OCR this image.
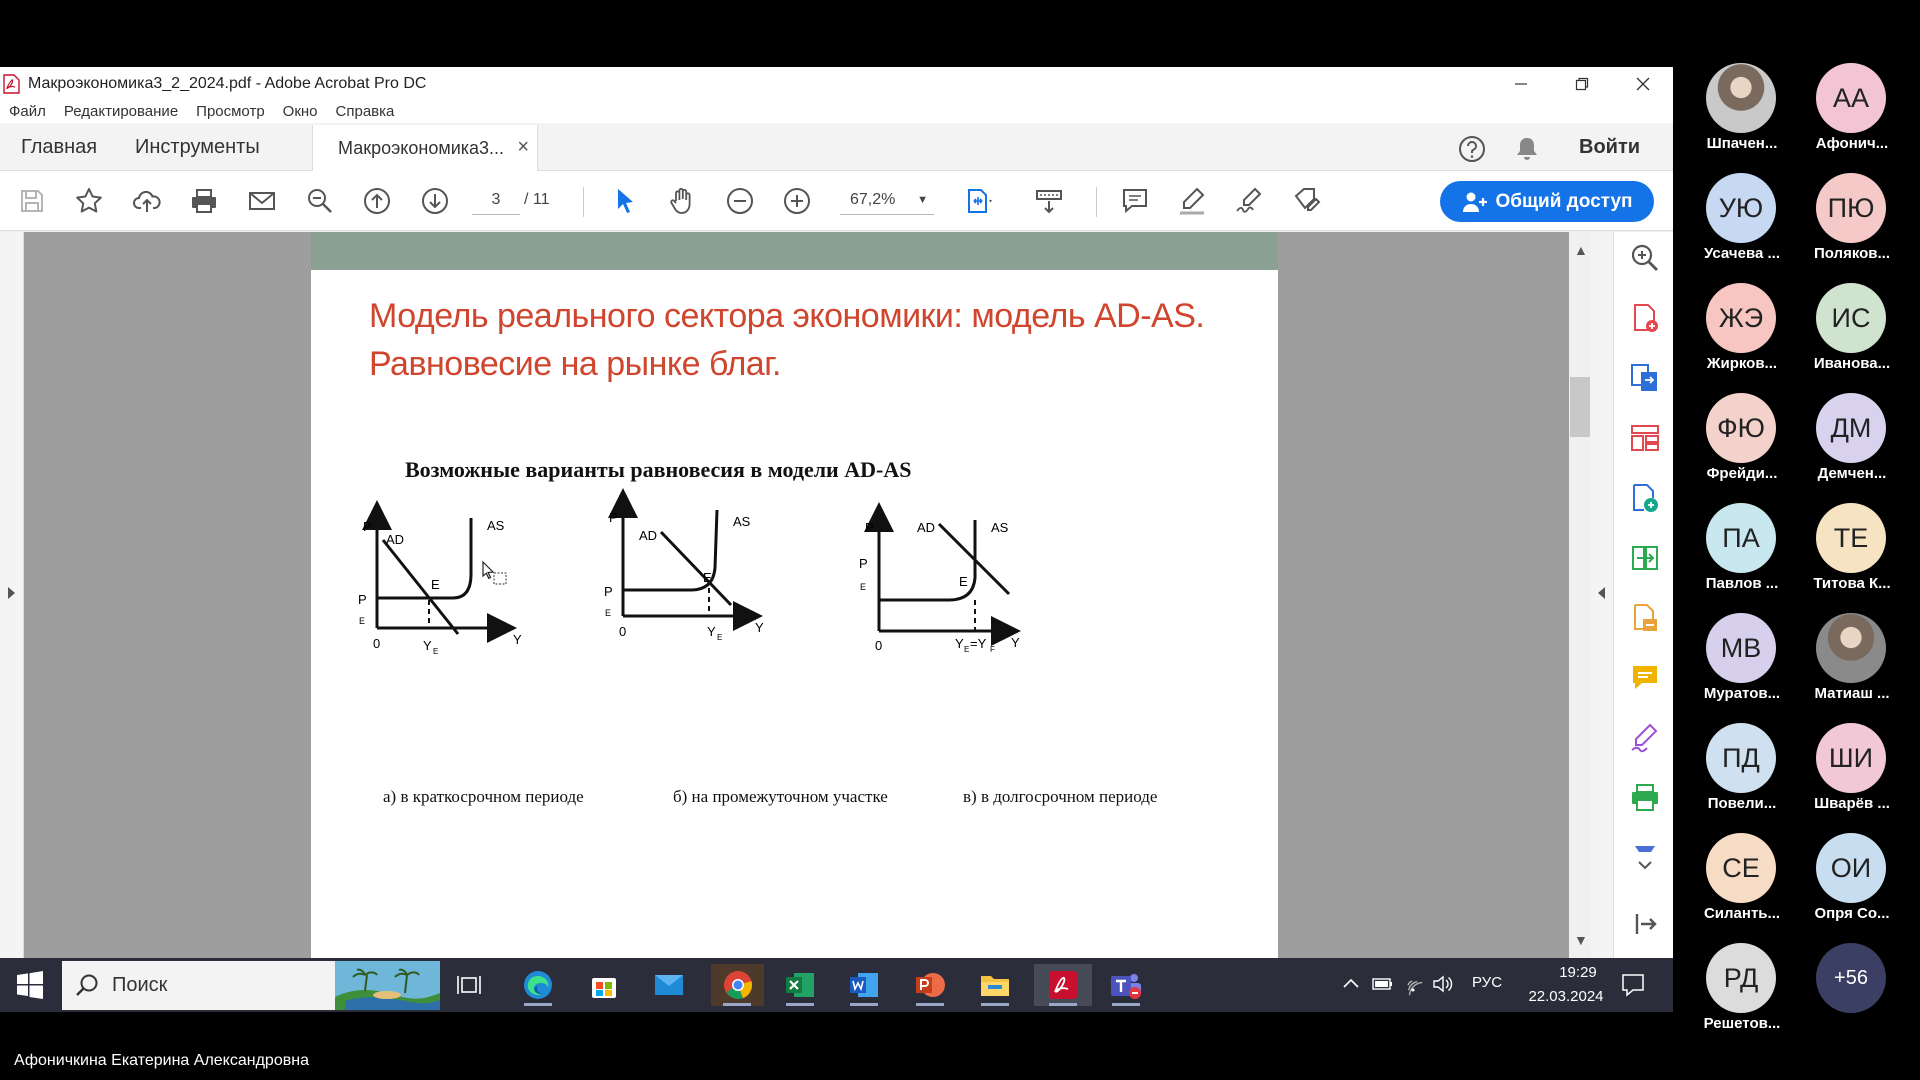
Макроэкономика3_2_2024.pdf - Adobe Acrobat Pro DC
Файл Редактирование Просмотр Окно Справка
Главная Инструменты	Макроэкономика3... ×	Войти
3	/ 11	67,2% ▼	Общий доступ
Модель реального сектора экономики: модель AD-AS. Равновесие на рынке благ.
Возможные варианты равновесия в модели AD-AS
P
AD
AS
E
P
E
0	Y E
Y
P
AD
AS
E
P
E
0	Y E
Y
P	AD	AS
E
P
E
0	Y E =Y F Y
а) в краткосрочном периоде	б) на промежуточном участке	в) в долгосрочном периоде
▲
▼
Поиск	РУС
19:29
22.03.2024
Шпачен...
АА
Афонич...
УЮ
Усачева ...
ПЮ
Поляков...
ЖЭ
Жирков...
ИС
Иванова...
ФЮ
Фрейди...
ДМ
Демчен...
ПА
Павлов ...
ТЕ
Титова К...
МВ
Муратов...	Матиаш ...
ПД
Повели...
ШИ
Шварёв ...
СЕ
Силанть...
ОИ
Опря Со...
РД
Решетов...
+56
Афоничкина Екатерина Александровна
